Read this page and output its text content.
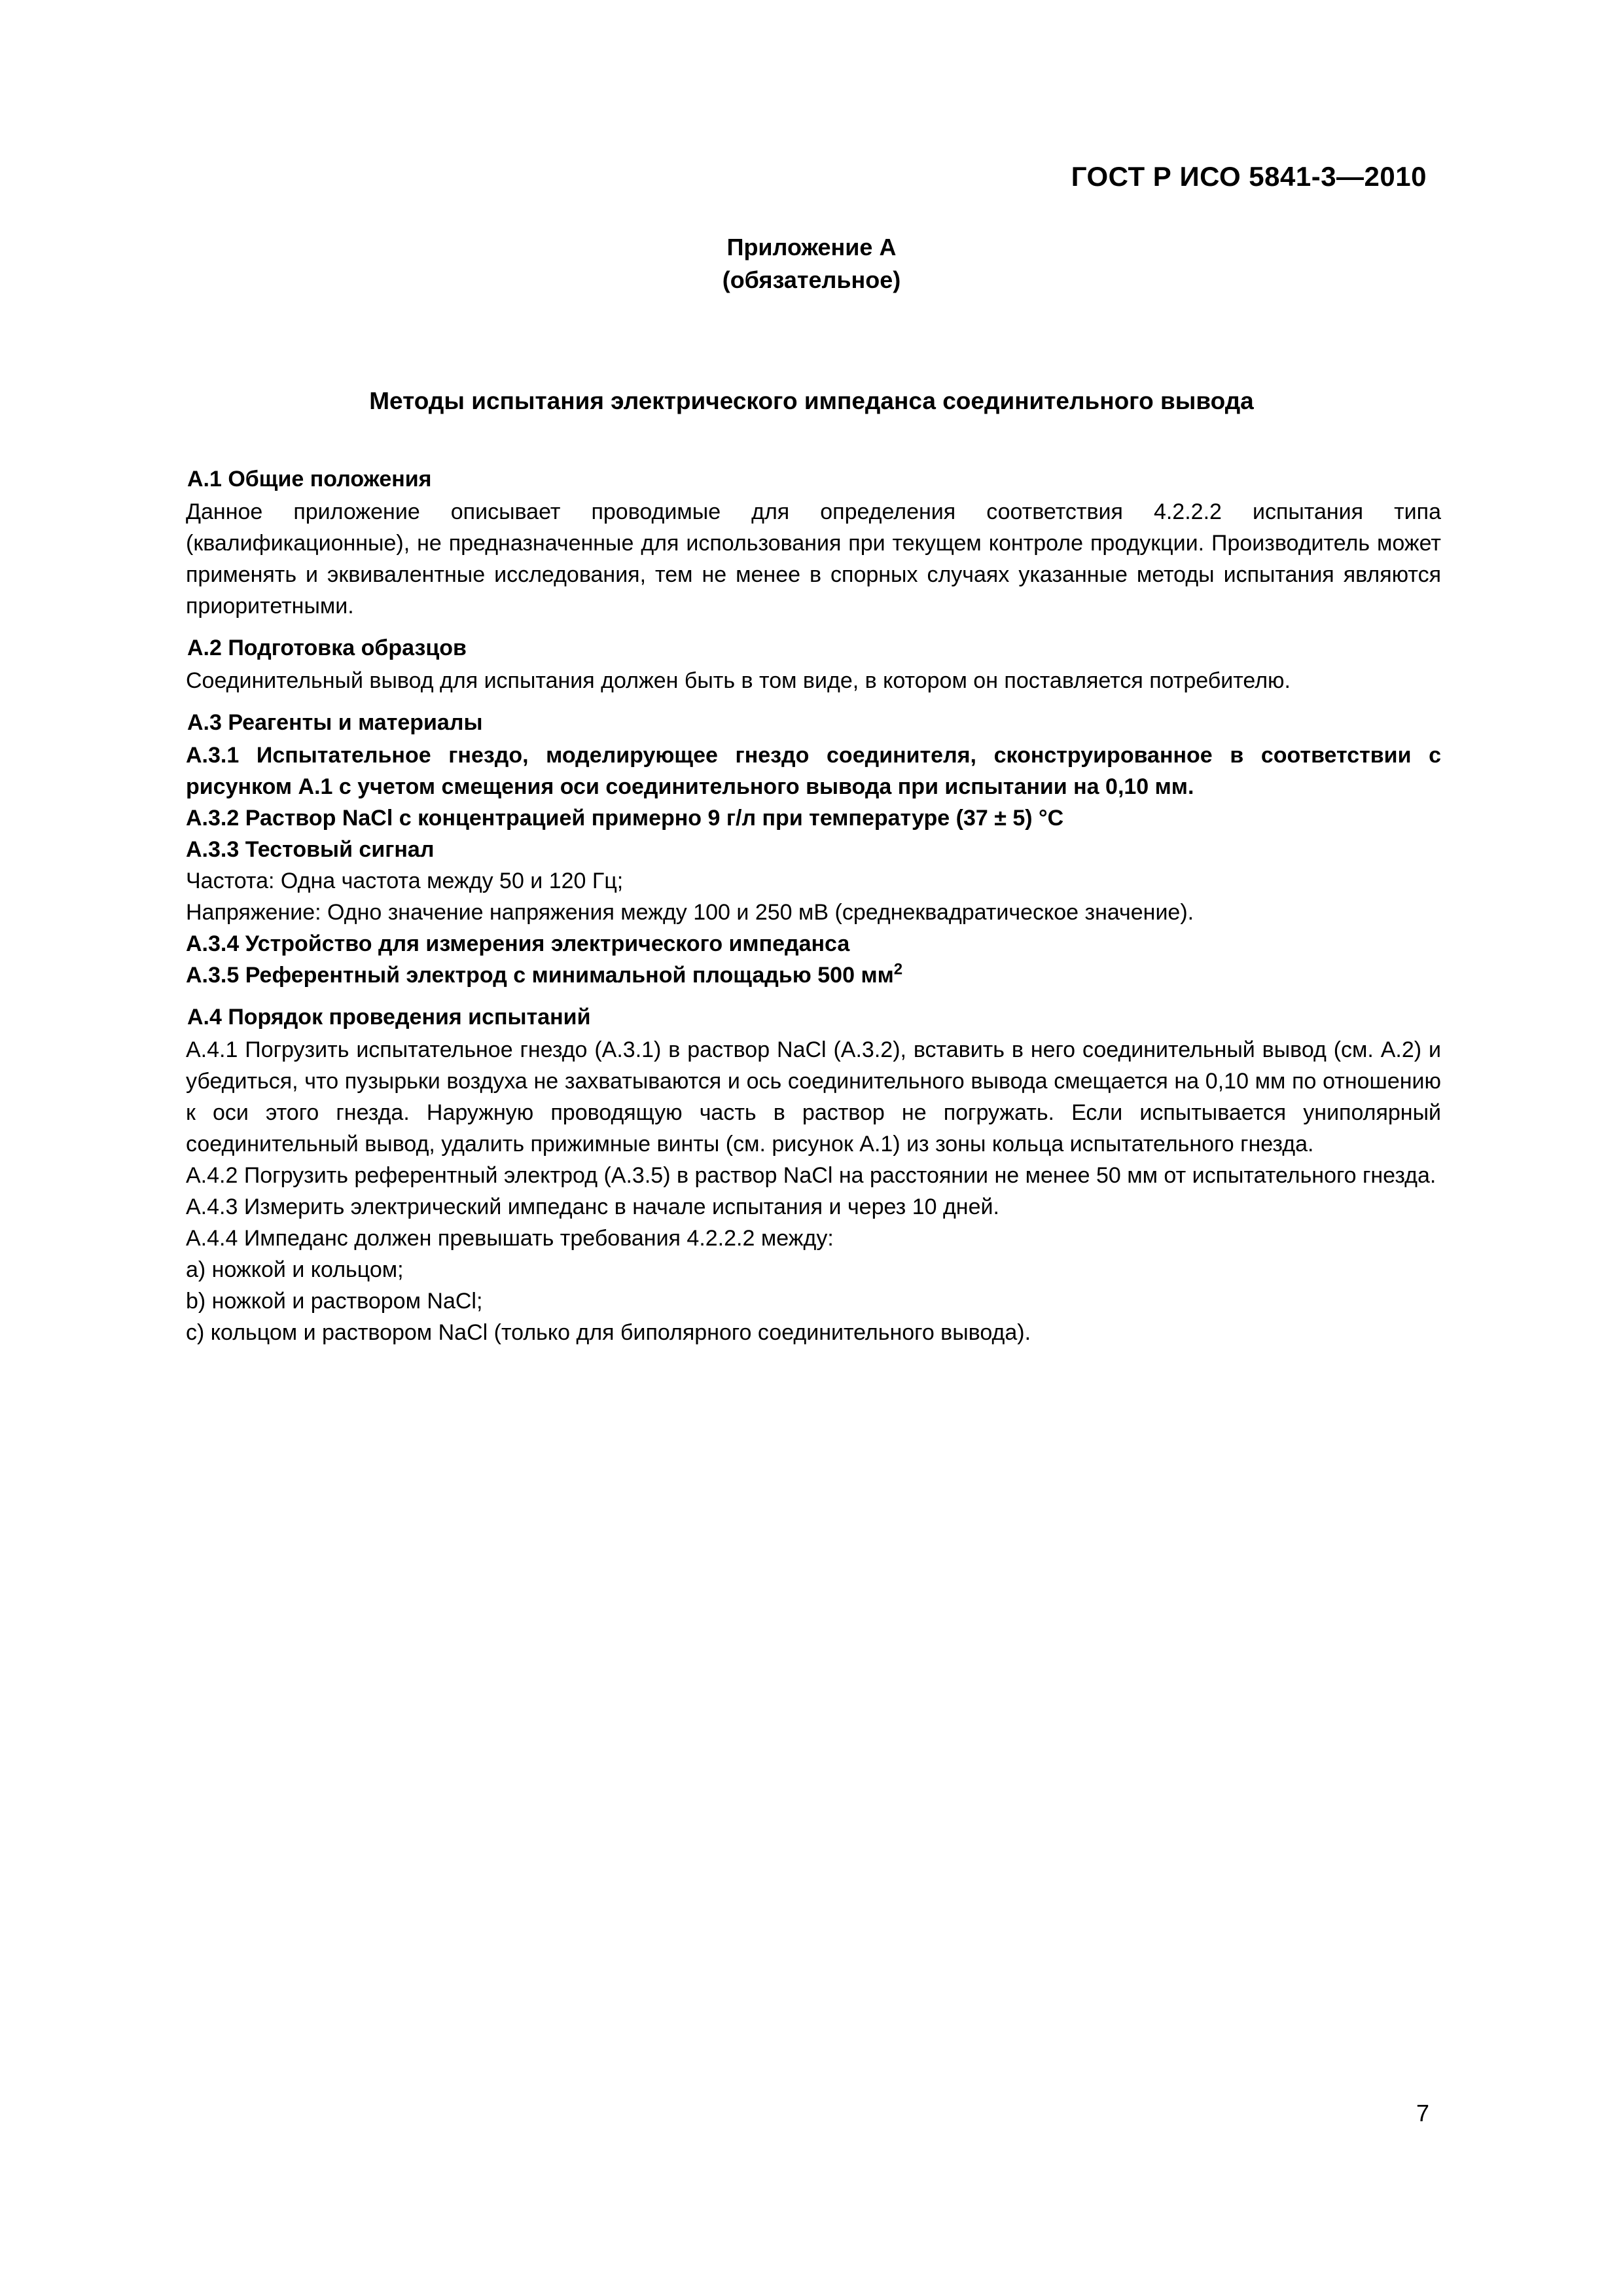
ГОСТ Р ИСО 5841-3—2010
Приложение А
(обязательное)
Методы испытания электрического импеданса соединительного вывода

А.1 Общие положения

Данное приложение описывает проводимые для определения соответствия 4.2.2.2 испытания типа (квалификационные), не предназначенные для использования при текущем контроле продукции. Производитель может применять и эквивалентные исследования, тем не менее в спорных случаях указанные методы испытания являются приоритетными.

А.2 Подготовка образцов

Соединительный вывод для испытания должен быть в том виде, в котором он поставляется потребителю.

А.3 Реагенты и материалы

А.3.1 Испытательное гнездо, моделирующее гнездо соединителя, сконструированное в соответствии с рисунком А.1 с учетом смещения оси соединительного вывода при испытании на 0,10 мм.

А.3.2 Раствор NaCl с концентрацией примерно 9 г/л при температуре (37 ± 5) °С

А.3.3 Тестовый сигнал

Частота: Одна частота между 50 и 120 Гц;

Напряжение: Одно значение напряжения между 100 и 250 мВ (среднеквадратическое значение).

А.3.4 Устройство для измерения электрического импеданса

А.3.5 Референтный электрод с минимальной площадью 500 $мм^2$

А.4 Порядок проведения испытаний

А.4.1 Погрузить испытательное гнездо (А.3.1) в раствор NaCl (А.3.2), вставить в него соединительный вывод (см. А.2) и убедиться, что пузырьки воздуха не захватываются и ось соединительного вывода смещается на 0,10 мм по отношению к оси этого гнезда. Наружную проводящую часть в раствор не погружать. Если испытывается униполярный соединительный вывод, удалить прижимные винты (см. рисунок А.1) из зоны кольца испытательного гнезда.

А.4.2 Погрузить референтный электрод (А.3.5) в раствор NaCl на расстоянии не менее 50 мм от испытательного гнезда.

А.4.3 Измерить электрический импеданс в начале испытания и через 10 дней.

А.4.4 Импеданс должен превышать требования 4.2.2.2 между:

а) ножкой и кольцом;

b) ножкой и раствором NaCl;

с) кольцом и раствором NaCl (только для биполярного соединительного вывода).

7
